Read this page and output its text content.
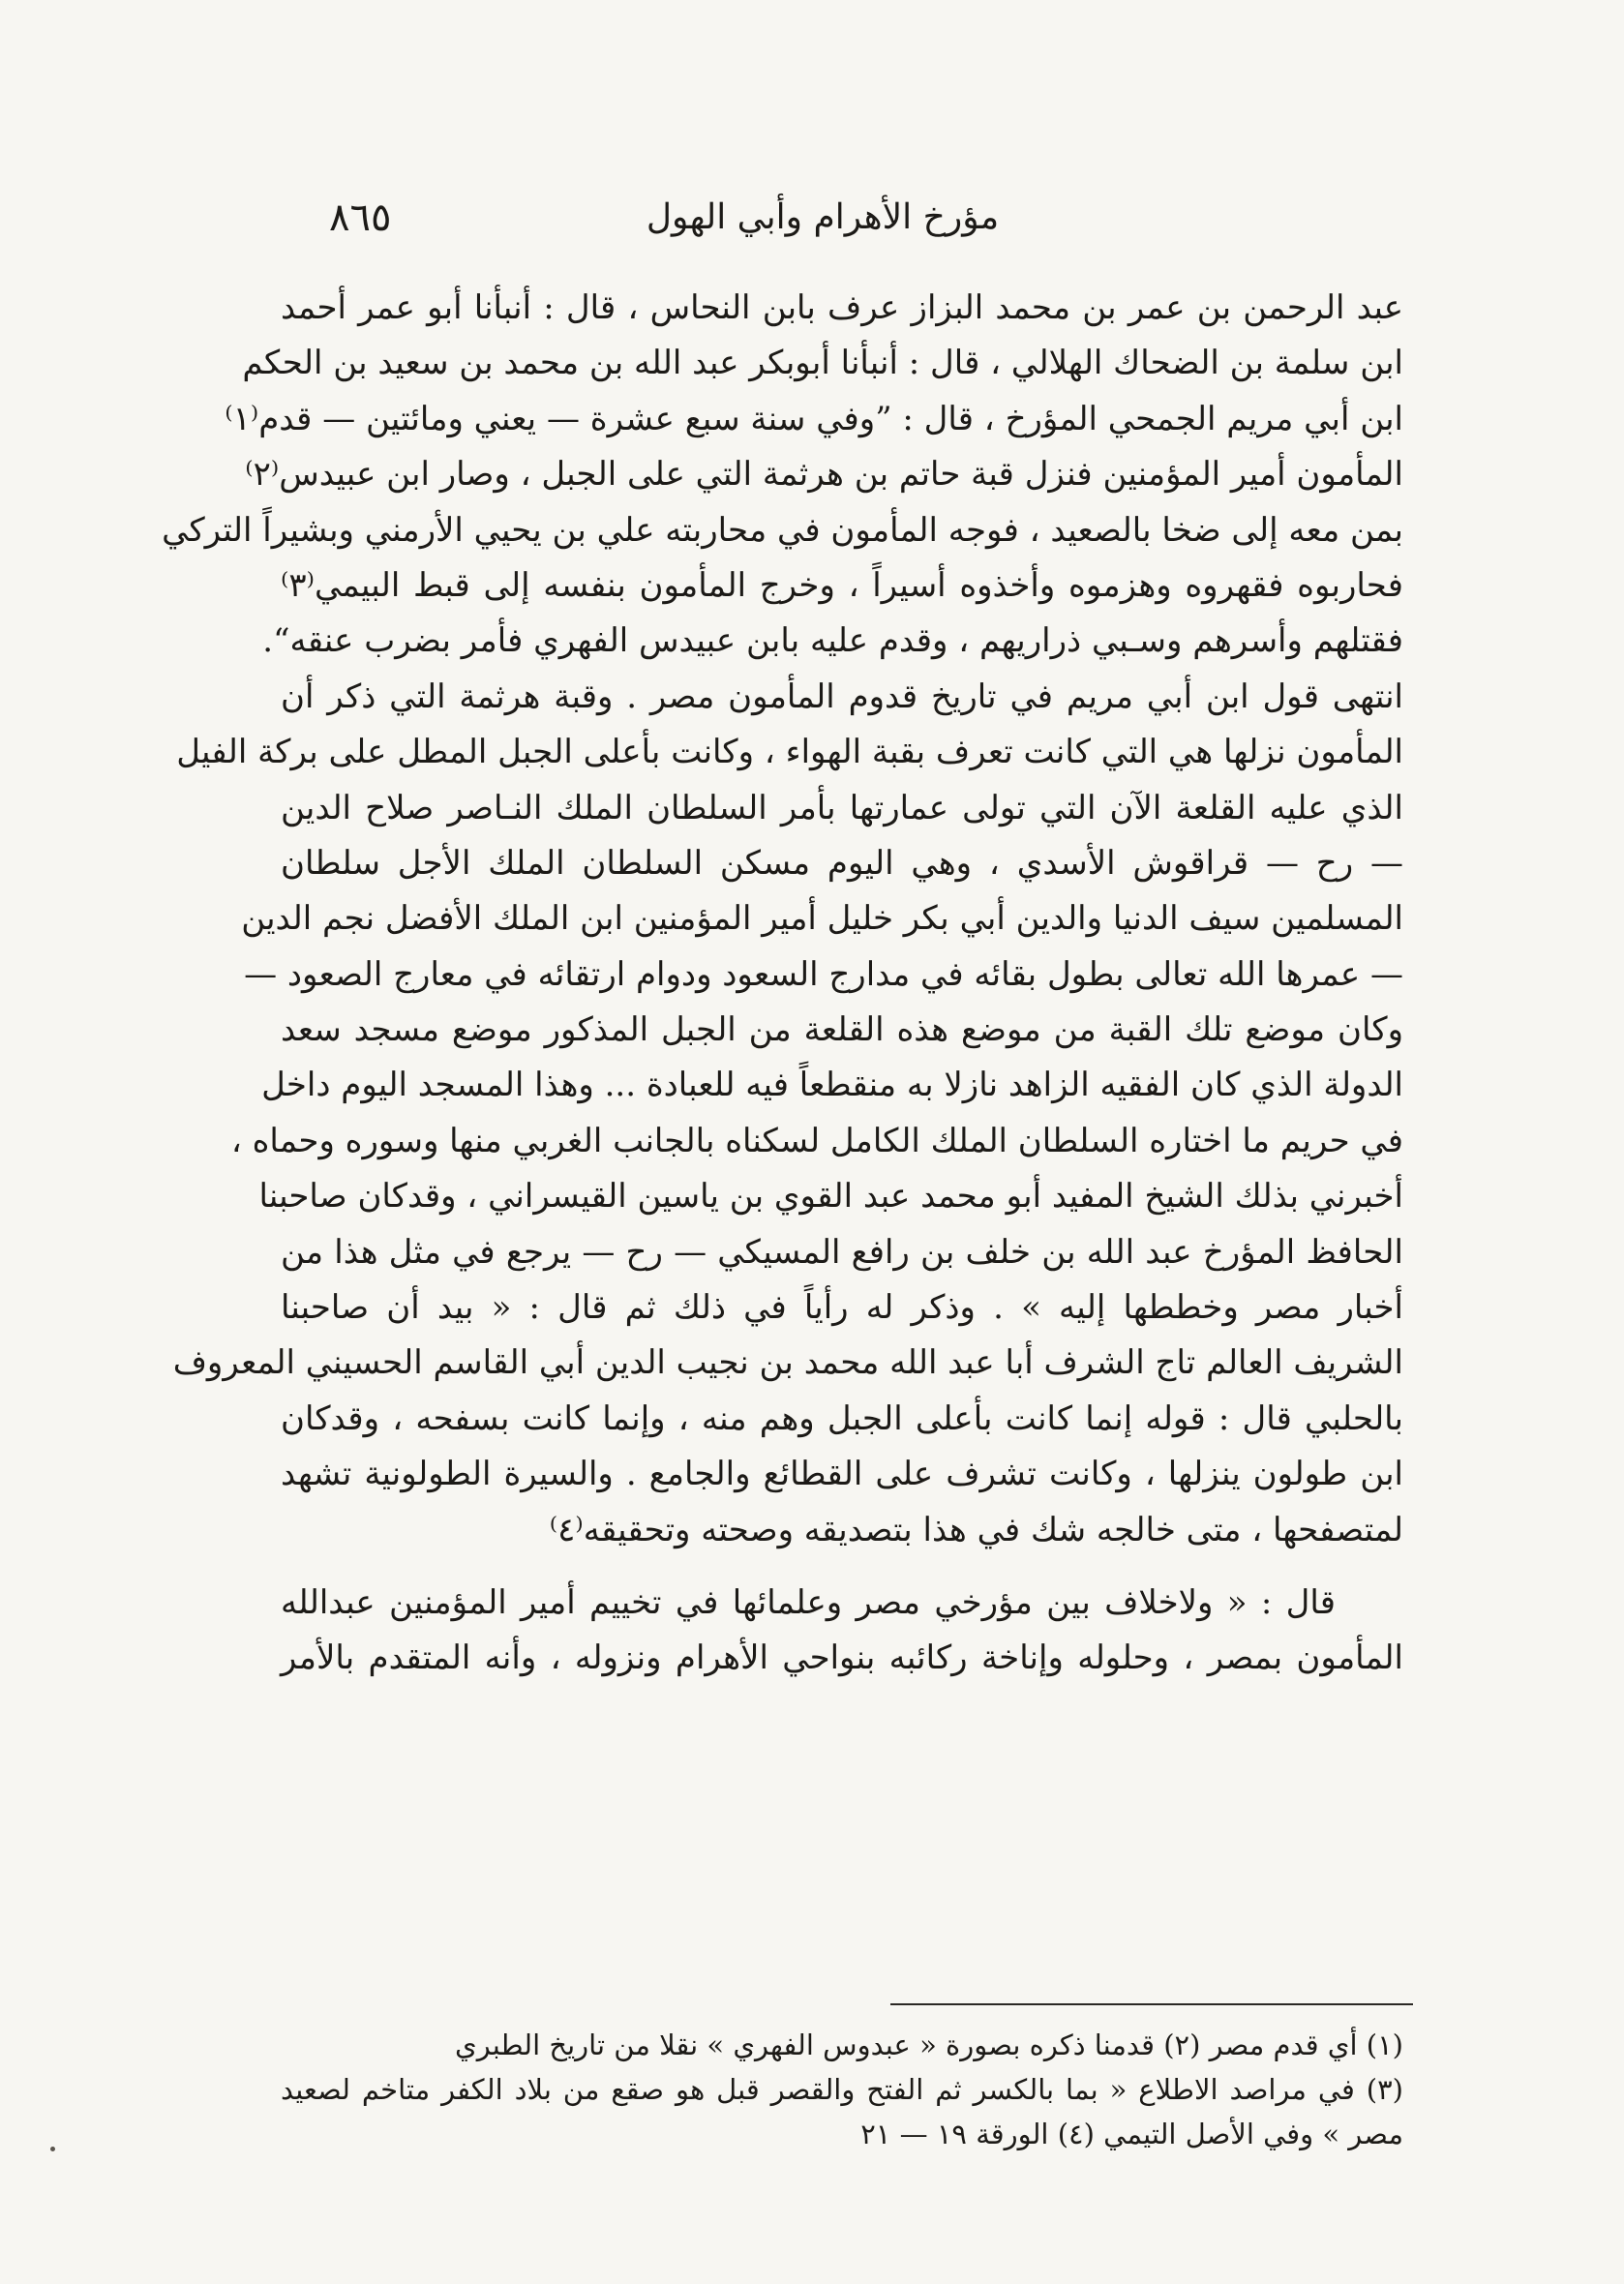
٨٦٥	مؤرخ الأهرام وأبي الهول
عبد الرحمن بن عمر بن محمد البزاز عرف بابن النحاس ، قال : أنبأنا أبو عمر أحمد
ابن سلمة بن الضحاك الهلالي ، قال : أنبأنا أبوبكر عبد الله بن محمد بن سعيد بن الحكم
ابن أبي مريم الجمحي المؤرخ ، قال : ”وفي سنة سبع عشرة — يعني ومائتين — قدم⁽١⁾
المأمون أمير المؤمنين فنزل قبة حاتم بن هرثمة التي على الجبل ، وصار ابن عبيدس⁽٢⁾
بمن معه إلى ضخا بالصعيد ، فوجه المأمون في محاربته علي بن يحيي الأرمني وبشيراً التركي
فحاربوه فقهروه وهزموه وأخذوه أسيراً ، وخرج المأمون بنفسه إلى قبط البيمي⁽٣⁾
فقتلهم وأسرهم وسـبي ذراريهم ، وقدم عليه بابن عبيدس الفهري فأمر بضرب عنقه“.
انتهى قول ابن أبي مريم في تاريخ قدوم المأمون مصر . وقبة هرثمة التي ذكر أن
المأمون نزلها هي التي كانت تعرف بقبة الهواء ، وكانت بأعلى الجبل المطل على بركة الفيل
الذي عليه القلعة الآن التي تولى عمارتها بأمر السلطان الملك النـاصر صلاح الدين
— رح — قراقوش الأسدي ، وهي اليوم مسكن السلطان الملك الأجل سلطان
المسلمين سيف الدنيا والدين أبي بكر خليل أمير المؤمنين ابن الملك الأفضل نجم الدين
— عمرها الله تعالى بطول بقائه في مدارج السعود ودوام ارتقائه في معارج الصعود —
وكان موضع تلك القبة من موضع هذه القلعة من الجبل المذكور موضع مسجد سعد
الدولة الذي كان الفقيه الزاهد نازلا به منقطعاً فيه للعبادة ... وهذا المسجد اليوم داخل
في حريم ما اختاره السلطان الملك الكامل لسكناه بالجانب الغربي منها وسوره وحماه ،
أخبرني بذلك الشيخ المفيد أبو محمد عبد القوي بن ياسين القيسراني ، وقدكان صاحبنا
الحافظ المؤرخ عبد الله بن خلف بن رافع المسيكي — رح — يرجع في مثل هذا من
أخبار مصر وخططها إليه » . وذكر له رأياً في ذلك ثم قال : « بيد أن صاحبنا
الشريف العالم تاج الشرف أبا عبد الله محمد بن نجيب الدين أبي القاسم الحسيني المعروف
بالحلبي قال : قوله إنما كانت بأعلى الجبل وهم منه ، وإنما كانت بسفحه ، وقدكان
ابن طولون ينزلها ، وكانت تشرف على القطائع والجامع . والسيرة الطولونية تشهد
لمتصفحها ، متى خالجه شك في هذا بتصديقه وصحته وتحقيقه⁽٤⁾
قال : « ولاخلاف بين مؤرخي مصر وعلمائها في تخييم أمير المؤمنين عبدالله
المأمون بمصر ، وحلوله وإناخة ركائبه بنواحي الأهرام ونزوله ، وأنه المتقدم بالأمر
(١) أي قدم مصر (٢) قدمنا ذكره بصورة « عبدوس الفهري » نقلا من تاريخ الطبري
(٣) في مراصد الاطلاع « بما بالكسر ثم الفتح والقصر قبل هو صقع من بلاد الكفر متاخم لصعيد
مصر » وفي الأصل التيمي (٤) الورقة ١٩ — ٢١
